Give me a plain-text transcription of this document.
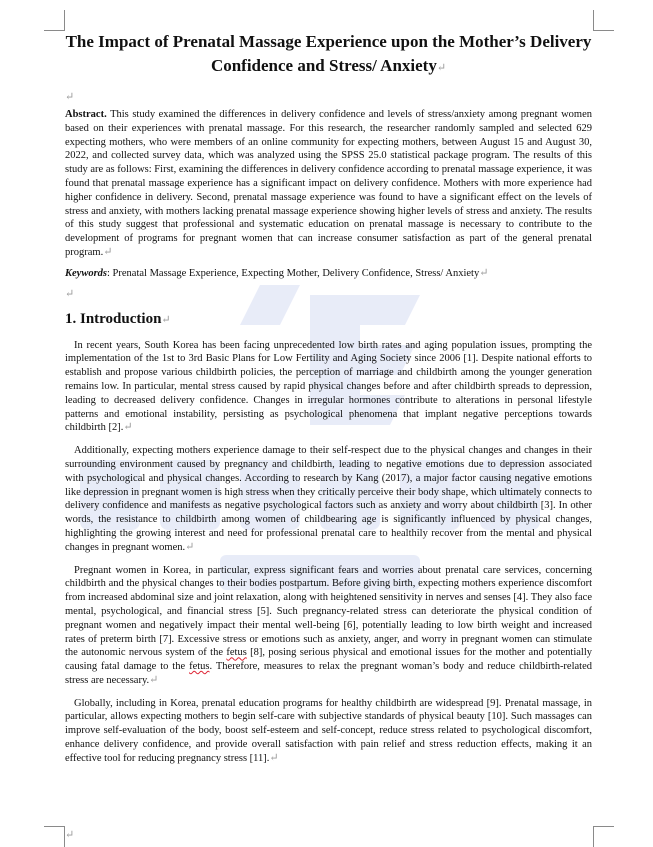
The Impact of Prenatal Massage Experience upon the Mother’s Delivery Confidence and Stress/ Anxiety↵
↵

Abstract. This study examined the differences in delivery confidence and levels of stress/anxiety among pregnant women based on their experiences with prenatal massage. For this research, the researcher randomly sampled and selected 629 expecting mothers, who were members of an online community for expecting mothers, between August 15 and August 30, 2022, and collected survey data, which was analyzed using the SPSS 25.0 statistical package program. The results of this study are as follows: First, examining the differences in delivery confidence according to prenatal massage experience, it was found that prenatal massage experience has a significant impact on delivery confidence. Mothers with more experience had higher confidence in delivery. Second, prenatal massage experience was found to have a significant effect on the levels of stress and anxiety, with mothers lacking prenatal massage experience showing higher levels of stress and anxiety. The results of this study suggest that professional and systematic education on prenatal massage is necessary to contribute to the development of programs for pregnant women that can increase consumer satisfaction as part of the general prenatal program.↵

Keywords: Prenatal Massage Experience, Expecting Mother, Delivery Confidence, Stress/ Anxiety↵

↵
1. Introduction↵

In recent years, South Korea has been facing unprecedented low birth rates and aging population issues, prompting the implementation of the 1st to 3rd Basic Plans for Low Fertility and Aging Society since 2006 [1]. Despite national efforts to establish and propose various childbirth policies, the perception of marriage and childbirth among the younger generation remains low. In particular, mental stress caused by rapid physical changes before and after childbirth spreads to depression, leading to decreased delivery confidence. Changes in irregular hormones contribute to alterations in personal lifestyle patterns and emotional instability, persisting as psychological phenomena that implant negative perceptions towards childbirth [2].↵

Additionally, expecting mothers experience damage to their self-respect due to the physical changes and changes in their surrounding environment caused by pregnancy and childbirth, leading to negative emotions due to depression associated with psychological and physical changes. According to research by Kang (2017), a major factor causing negative emotions like depression in pregnant women is high stress when they critically perceive their body shape, which ultimately connects to delivery confidence and manifests as negative psychological factors such as anxiety and worry about childbirth [3]. In other words, the resistance to childbirth among women of childbearing age is significantly influenced by physical changes, highlighting the growing interest and need for professional prenatal care to healthily recover from the mental and physical changes in pregnant women.↵

Pregnant women in Korea, in particular, express significant fears and worries about prenatal care services, concerning childbirth and the physical changes to their bodies postpartum. Before giving birth, expecting mothers experience discomfort from increased abdominal size and joint relaxation, along with heightened sensitivity in nerves and senses [4]. They also face mental, psychological, and financial stress [5]. Such pregnancy-related stress can deteriorate the physical condition of pregnant women and negatively impact their mental well-being [6], potentially leading to low birth weight and increased rates of preterm birth [7]. Excessive stress or emotions such as anxiety, anger, and worry in pregnant women can stimulate the autonomic nervous system of the fetus [8], posing serious physical and emotional issues for the mother and potentially causing fatal damage to the fetus. Therefore, measures to relax the pregnant woman’s body and reduce childbirth-related stress are necessary.↵

Globally, including in Korea, prenatal education programs for healthy childbirth are widespread [9]. Prenatal massage, in particular, allows expecting mothers to begin self-care with subjective standards of physical beauty [10]. Such massages can improve self-evaluation of the body, boost self-esteem and self-concept, reduce stress related to psychological discomfort, enhance delivery confidence, and provide overall satisfaction with pain relief and stress reduction effects, making it an effective tool for reducing pregnancy stress [11].↵

↵
